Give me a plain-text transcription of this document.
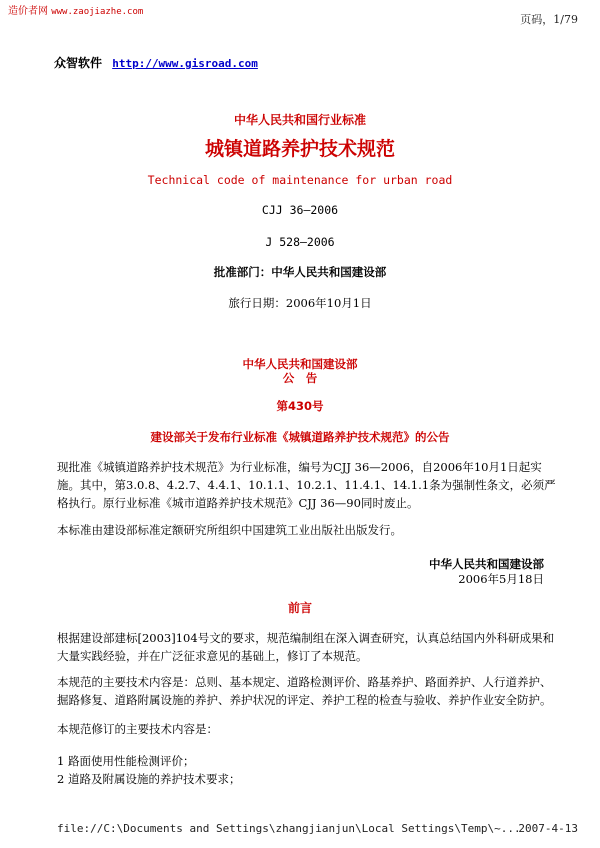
造价者网 www.zaojiazhe.com
页码，1/79
众智软件 http://www.gisroad.com
中华人民共和国行业标准
城镇道路养护技术规范
Technical code of maintenance for urban road
CJJ 36—2006
J 528—2006
批准部门：中华人民共和国建设部
旅行日期：2006年10月1日
中华人民共和国建设部
公　告
第430号
建设部关于发布行业标准《城镇道路养护技术规范》的公告
现批准《城镇道路养护技术规范》为行业标准，编号为CJJ 36—2006，自2006年10月1日起实施。其中，第3.0.8、4.2.7、4.4.1、10.1.1、10.2.1、11.4.1、14.1.1条为强制性条文，必须严格执行。原行业标准《城市道路养护技术规范》CJJ 36—90同时废止。
本标准由建设部标准定额研究所组织中国建筑工业出版社出版发行。
中华人民共和国建设部
2006年5月18日
前言
根据建设部建标[2003]104号文的要求，规范编制组在深入调查研究，认真总结国内外科研成果和大量实践经验，并在广泛征求意见的基础上，修订了本规范。
本规范的主要技术内容是：总则、基本规定、道路检测评价、路基养护、路面养护、人行道养护、掘路修复、道路附属设施的养护、养护状况的评定、养护工程的检查与验收、养护作业安全防护。
本规范修订的主要技术内容是：
1 路面使用性能检测评价；
2 道路及附属设施的养护技术要求；
file://C:\Documents and Settings\zhangjianjun\Local Settings\Temp\~...
2007-4-13
